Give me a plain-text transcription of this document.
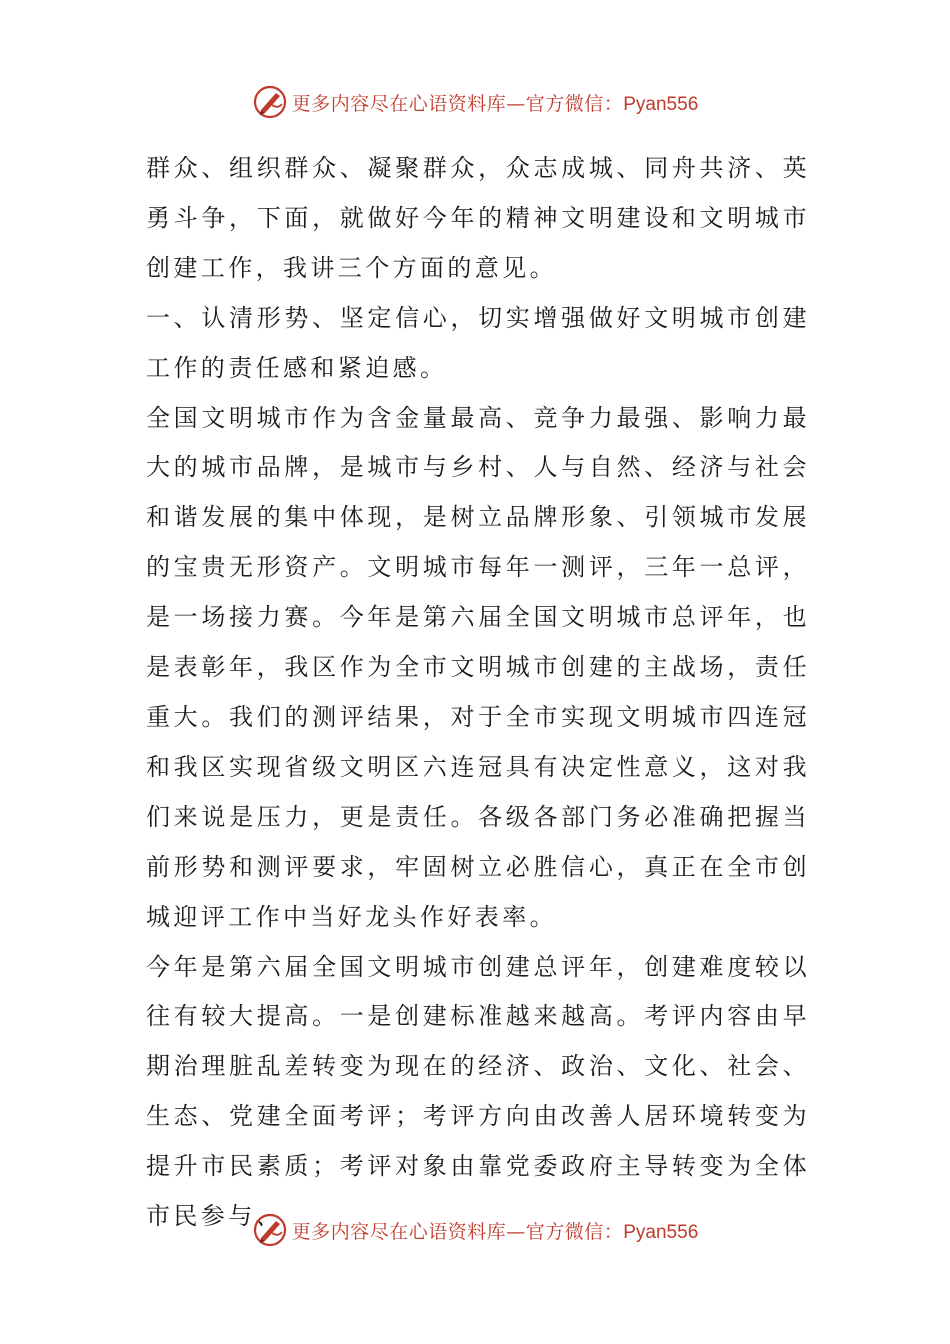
更多内容尽在心语资料库—官方微信：Pyan556

群众、组织群众、凝聚群众，众志成城、同舟共济、英勇斗争，下面，就做好今年的精神文明建设和文明城市创建工作，我讲三个方面的意见。

一、认清形势、坚定信心，切实增强做好文明城市创建工作的责任感和紧迫感。

全国文明城市作为含金量最高、竞争力最强、影响力最大的城市品牌，是城市与乡村、人与自然、经济与社会和谐发展的集中体现，是树立品牌形象、引领城市发展的宝贵无形资产。文明城市每年一测评，三年一总评，是一场接力赛。今年是第六届全国文明城市总评年，也是表彰年，我区作为全市文明城市创建的主战场，责任重大。我们的测评结果，对于全市实现文明城市四连冠和我区实现省级文明区六连冠具有决定性意义，这对我们来说是压力，更是责任。各级各部门务必准确把握当前形势和测评要求，牢固树立必胜信心，真正在全市创城迎评工作中当好龙头作好表率。

今年是第六届全国文明城市创建总评年，创建难度较以往有较大提高。一是创建标准越来越高。考评内容由早期治理脏乱差转变为现在的经济、政治、文化、社会、生态、党建全面考评；考评方向由改善人居环境转变为提升市民素质；考评对象由靠党委政府主导转变为全体市民参与、

更多内容尽在心语资料库—官方微信：Pyan556
